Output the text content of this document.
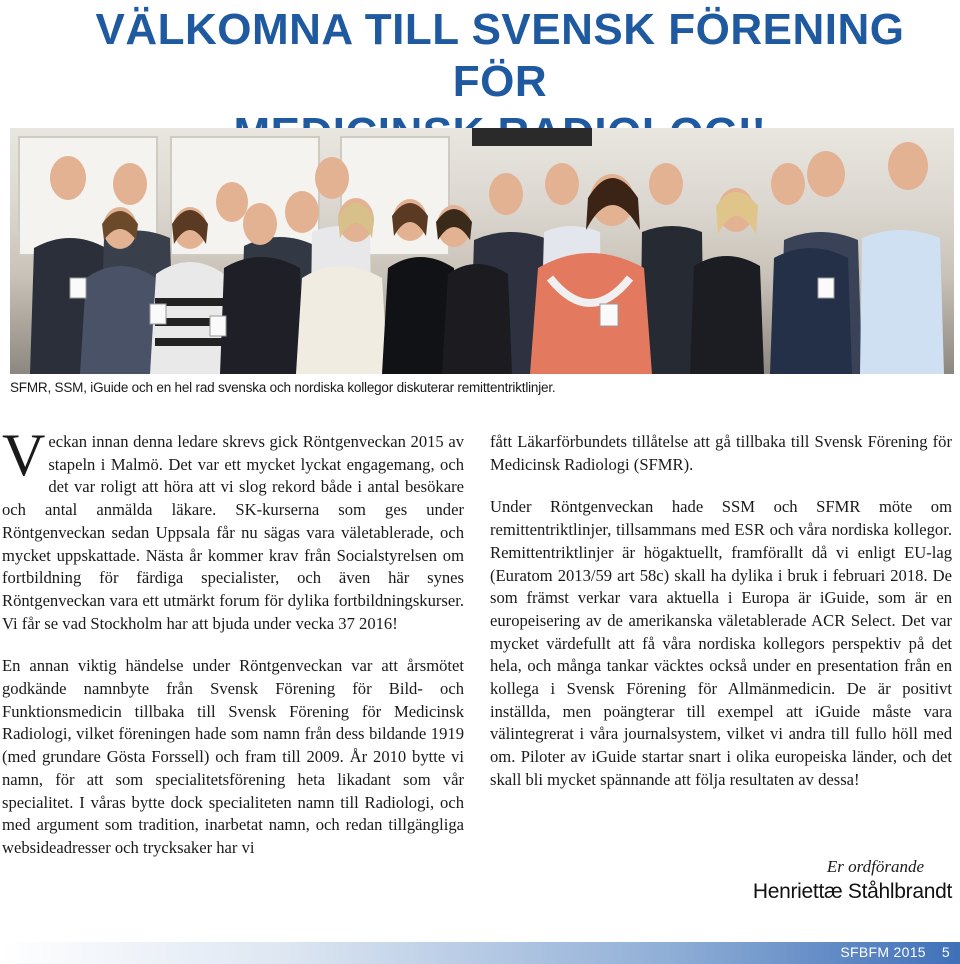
VÄLKOMNA TILL SVENSK FÖRENING FÖR
SFMR, SSM, iGuide och en hel rad svenska och nordiska kollegor diskuterar remittentriktlinjer.

Veckan innan denna ledare skrevs gick Röntgenveckan 2015 av stapeln i Malmö. Det var ett mycket lyckat engagemang, och det var roligt att höra att vi slog rekord både i antal besökare och antal anmälda läkare. SK-kurserna som ges under Röntgenveckan sedan Uppsala får nu sägas vara väletablerade, och mycket uppskattade. Nästa år kommer krav från Socialstyrelsen om fortbildning för färdiga specialister, och även här synes Röntgenveckan vara ett utmärkt forum för dylika fortbildningskurser. Vi får se vad Stockholm har att bjuda under vecka 37 2016!

En annan viktig händelse under Röntgenveckan var att årsmötet godkände namnbyte från Svensk Förening för Bild- och Funktionsmedicin tillbaka till Svensk Förening för Medicinsk Radiologi, vilket föreningen hade som namn från dess bildande 1919 (med grundare Gösta Forssell) och fram till 2009. År 2010 bytte vi namn, för att som specialitetsförening heta likadant som vår specialitet. I våras bytte dock specialiteten namn till Radiologi, och med argument som tradition, inarbetat namn, och redan tillgängliga websideadresser och trycksaker har vi

fått Läkarförbundets tillåtelse att gå tillbaka till Svensk Förening för Medicinsk Radiologi (SFMR).

Under Röntgenveckan hade SSM och SFMR möte om remittentriktlinjer, tillsammans med ESR och våra nordiska kollegor. Remittentriktlinjer är högaktuellt, framförallt då vi enligt EU-lag (Euratom 2013/59 art 58c) skall ha dylika i bruk i februari 2018. De som främst verkar vara aktuella i Europa är iGuide, som är en europeisering av de amerikanska väletablerade ACR Select. Det var mycket värdefullt att få våra nordiska kollegors perspektiv på det hela, och många tankar väcktes också under en presentation från en kollega i Svensk Förening för Allmänmedicin. De är positivt inställda, men poängterar till exempel att iGuide måste vara välintegrerat i våra journalsystem, vilket vi andra till fullo höll med om. Piloter av iGuide startar snart i olika europeiska länder, och det skall bli mycket spännande att följa resultaten av dessa!

Er ordförande
Henriettæ Ståhlbrandt
SFBFM 2015 5
